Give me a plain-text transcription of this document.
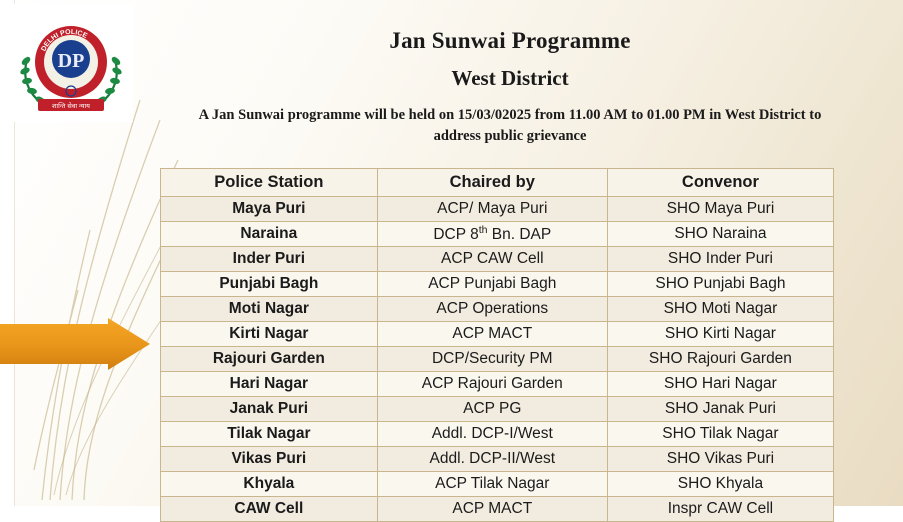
DP
DELHI POLICE
शान्ति सेवा न्याय
Jan Sunwai Programme
West District
A Jan Sunwai programme will be held on 15/03/02025 from 11.00 AM to 01.00 PM in West District to address public grievance
Police Station	Chaired by	Convenor
Maya Puri	ACP/ Maya Puri	SHO Maya Puri
Naraina	DCP 8th Bn. DAP	SHO Naraina
Inder Puri	ACP CAW Cell	SHO Inder Puri
Punjabi Bagh	ACP Punjabi Bagh	SHO Punjabi Bagh
Moti Nagar	ACP Operations	SHO Moti Nagar
Kirti Nagar	ACP MACT	SHO Kirti Nagar
Rajouri Garden	DCP/Security PM	SHO Rajouri Garden
Hari Nagar	ACP Rajouri Garden	SHO Hari Nagar
Janak Puri	ACP PG	SHO Janak Puri
Tilak Nagar	Addl. DCP-I/West	SHO Tilak Nagar
Vikas Puri	Addl. DCP-II/West	SHO Vikas Puri
Khyala	ACP Tilak Nagar	SHO Khyala
CAW Cell	ACP MACT	Inspr CAW Cell
